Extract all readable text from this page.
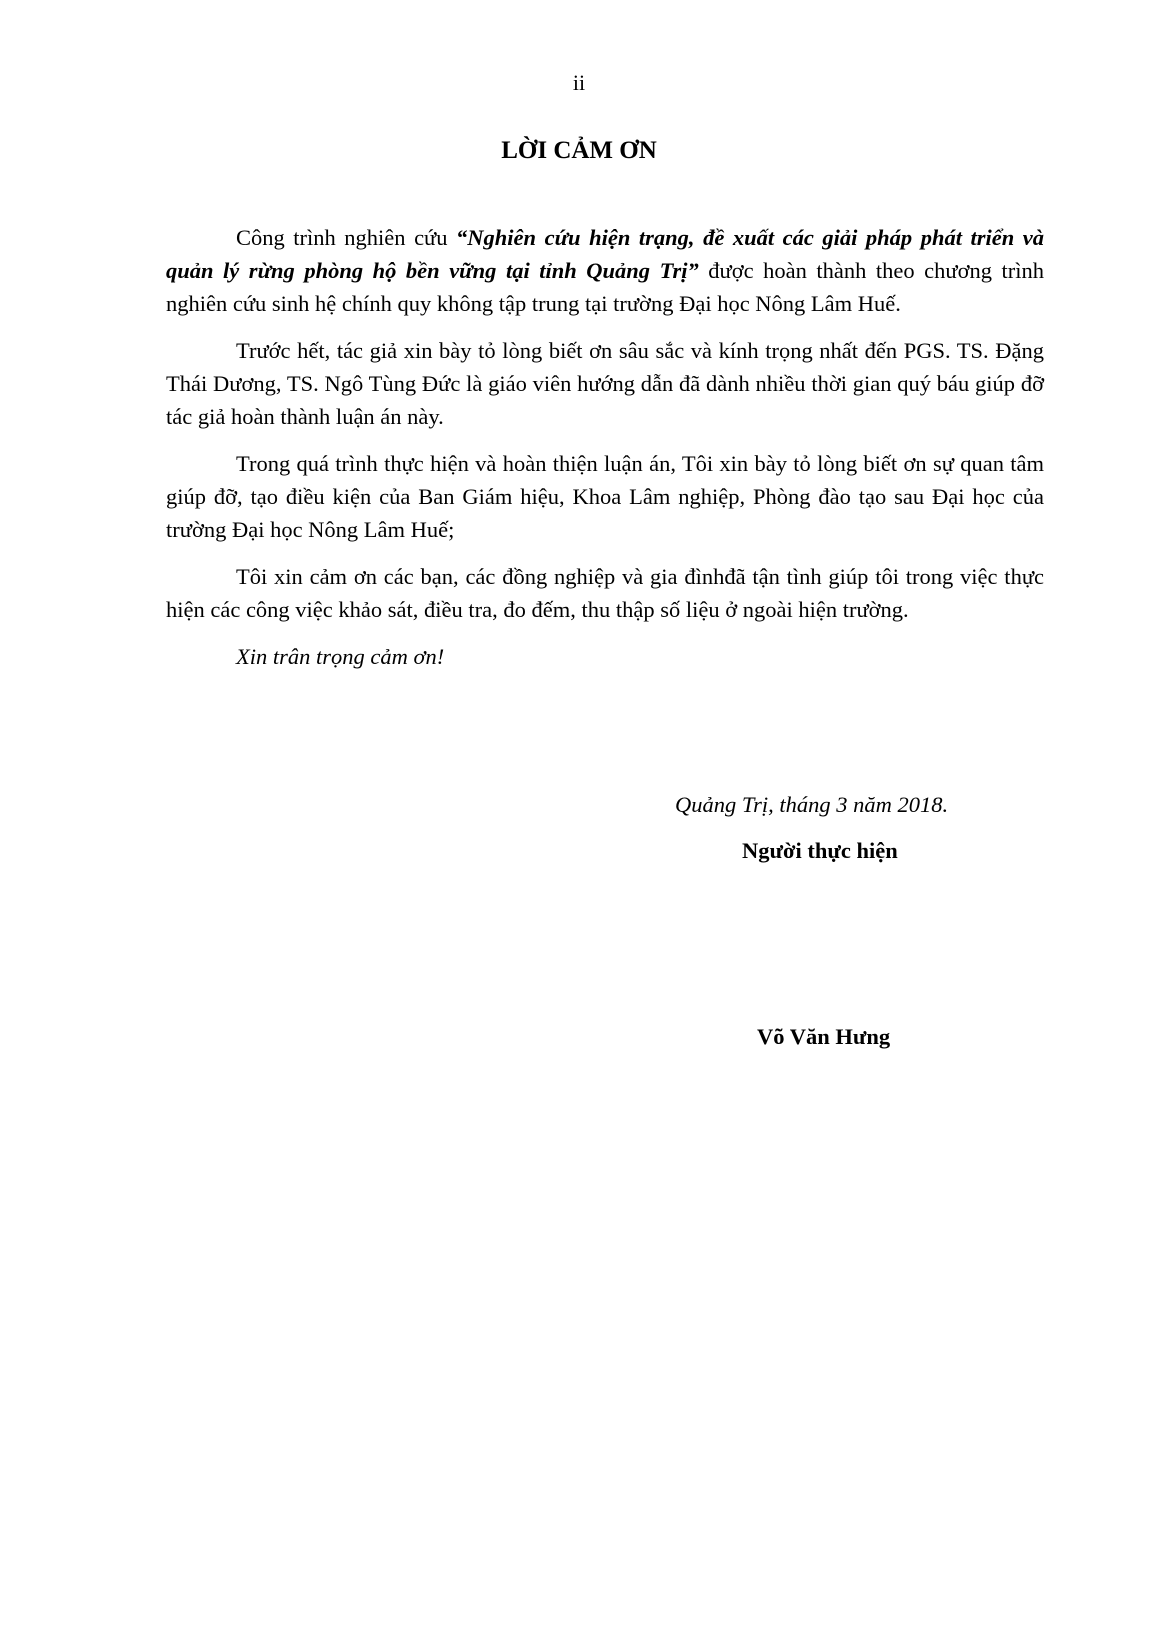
ii
LỜI CẢM ƠN

Công trình nghiên cứu “Nghiên cứu hiện trạng, đề xuất các giải pháp phát triển và quản lý rừng phòng hộ bền vững tại tỉnh Quảng Trị” được hoàn thành theo chương trình nghiên cứu sinh hệ chính quy không tập trung tại trường Đại học Nông Lâm Huế.

Trước hết, tác giả xin bày tỏ lòng biết ơn sâu sắc và kính trọng nhất đến PGS. TS. Đặng Thái Dương, TS. Ngô Tùng Đức là giáo viên hướng dẫn đã dành nhiều thời gian quý báu giúp đỡ tác giả hoàn thành luận án này.

Trong quá trình thực hiện và hoàn thiện luận án, Tôi xin bày tỏ lòng biết ơn sự quan tâm giúp đỡ, tạo điều kiện của Ban Giám hiệu, Khoa Lâm nghiệp, Phòng đào tạo sau Đại học của trường Đại học Nông Lâm Huế;

Tôi xin cảm ơn các bạn, các đồng nghiệp và gia đìnhđã tận tình giúp tôi trong việc thực hiện các công việc khảo sát, điều tra, đo đếm, thu thập số liệu ở ngoài hiện trường.

Xin trân trọng cảm ơn!

Quảng Trị, tháng 3 năm 2018.
Người thực hiện
Võ Văn Hưng
